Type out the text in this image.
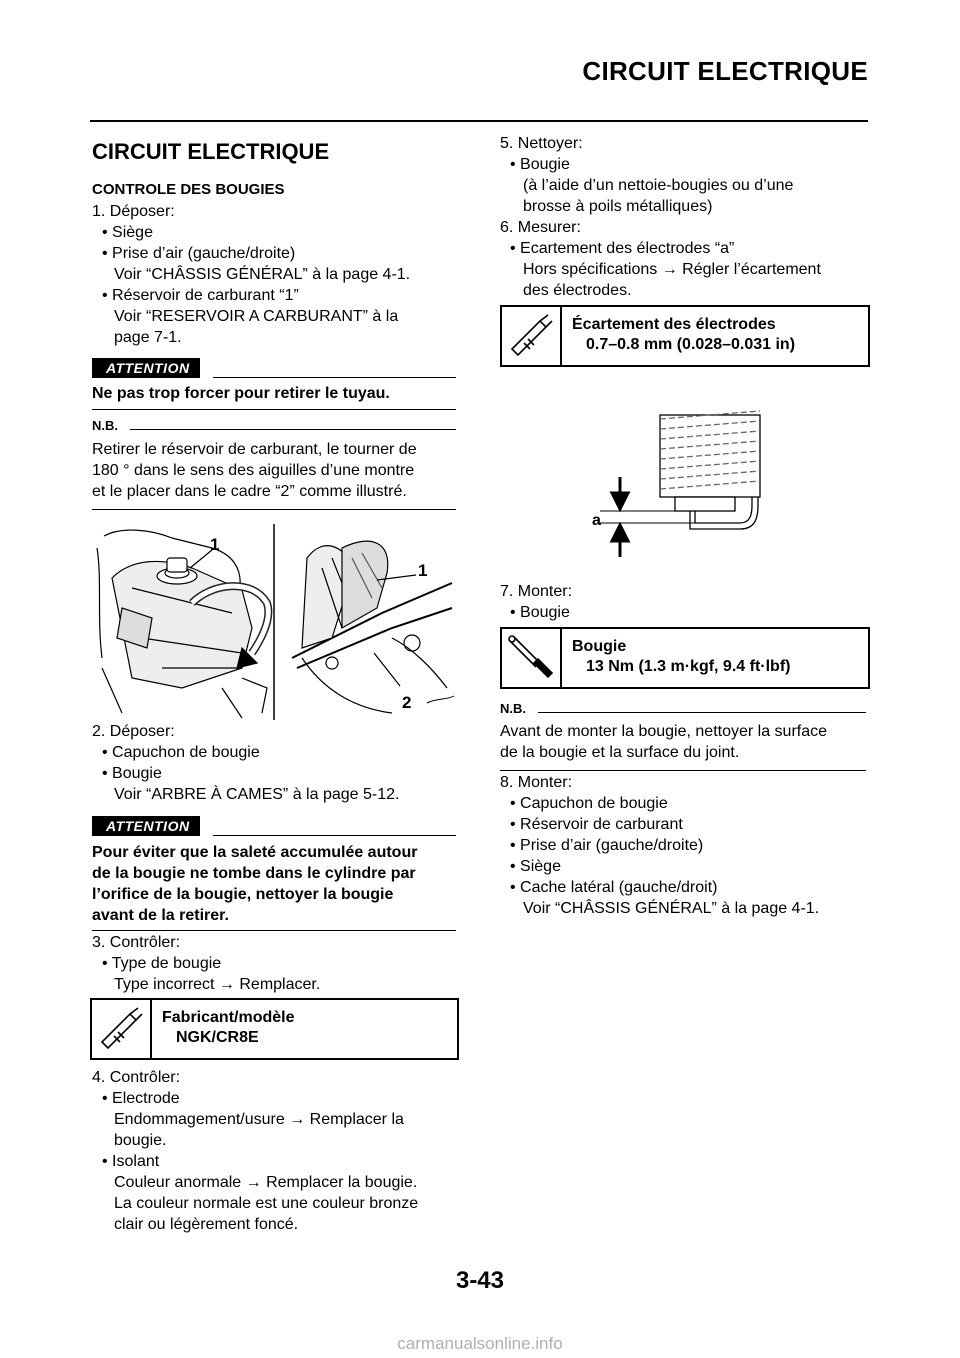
CIRCUIT ELECTRIQUE
CIRCUIT ELECTRIQUE
CONTROLE DES BOUGIES
1. Déposer:
• Siège
• Prise d’air (gauche/droite)
Voir “CHÂSSIS GÉNÉRAL” à la page 4-1.
• Réservoir de carburant “1”
Voir “RESERVOIR A CARBURANT” à la
page 7-1.
ATTENTION
Ne pas trop forcer pour retirer le tuyau.
N.B.
Retirer le réservoir de carburant, le tourner de
180 ° dans le sens des aiguilles d’une montre
et le placer dans le cadre “2” comme illustré.
1
1
2
2. Déposer:
• Capuchon de bougie
• Bougie
Voir “ARBRE À CAMES” à la page 5-12.
ATTENTION
Pour éviter que la saleté accumulée autour
de la bougie ne tombe dans le cylindre par
l’orifice de la bougie, nettoyer la bougie
avant de la retirer.
3. Contrôler:
• Type de bougie
Type incorrect → Remplacer.
Fabricant/modèle
NGK/CR8E
4. Contrôler:
• Electrode
Endommagement/usure → Remplacer la
bougie.
• Isolant
Couleur anormale → Remplacer la bougie.
La couleur normale est une couleur bronze
clair ou légèrement foncé.
5. Nettoyer:
• Bougie
(à l’aide d’un nettoie-bougies ou d’une
brosse à poils métalliques)
6. Mesurer:
• Ecartement des électrodes “a”
Hors spécifications → Régler l’écartement
des électrodes.
Écartement des électrodes
0.7–0.8 mm (0.028–0.031 in)
a
7. Monter:
• Bougie
Bougie
13 Nm (1.3 m·kgf, 9.4 ft·lbf)
N.B.
Avant de monter la bougie, nettoyer la surface
de la bougie et la surface du joint.
8. Monter:
• Capuchon de bougie
• Réservoir de carburant
• Prise d’air (gauche/droite)
• Siège
• Cache latéral (gauche/droit)
Voir “CHÂSSIS GÉNÉRAL” à la page 4-1.
3-43
carmanualsonline.info
